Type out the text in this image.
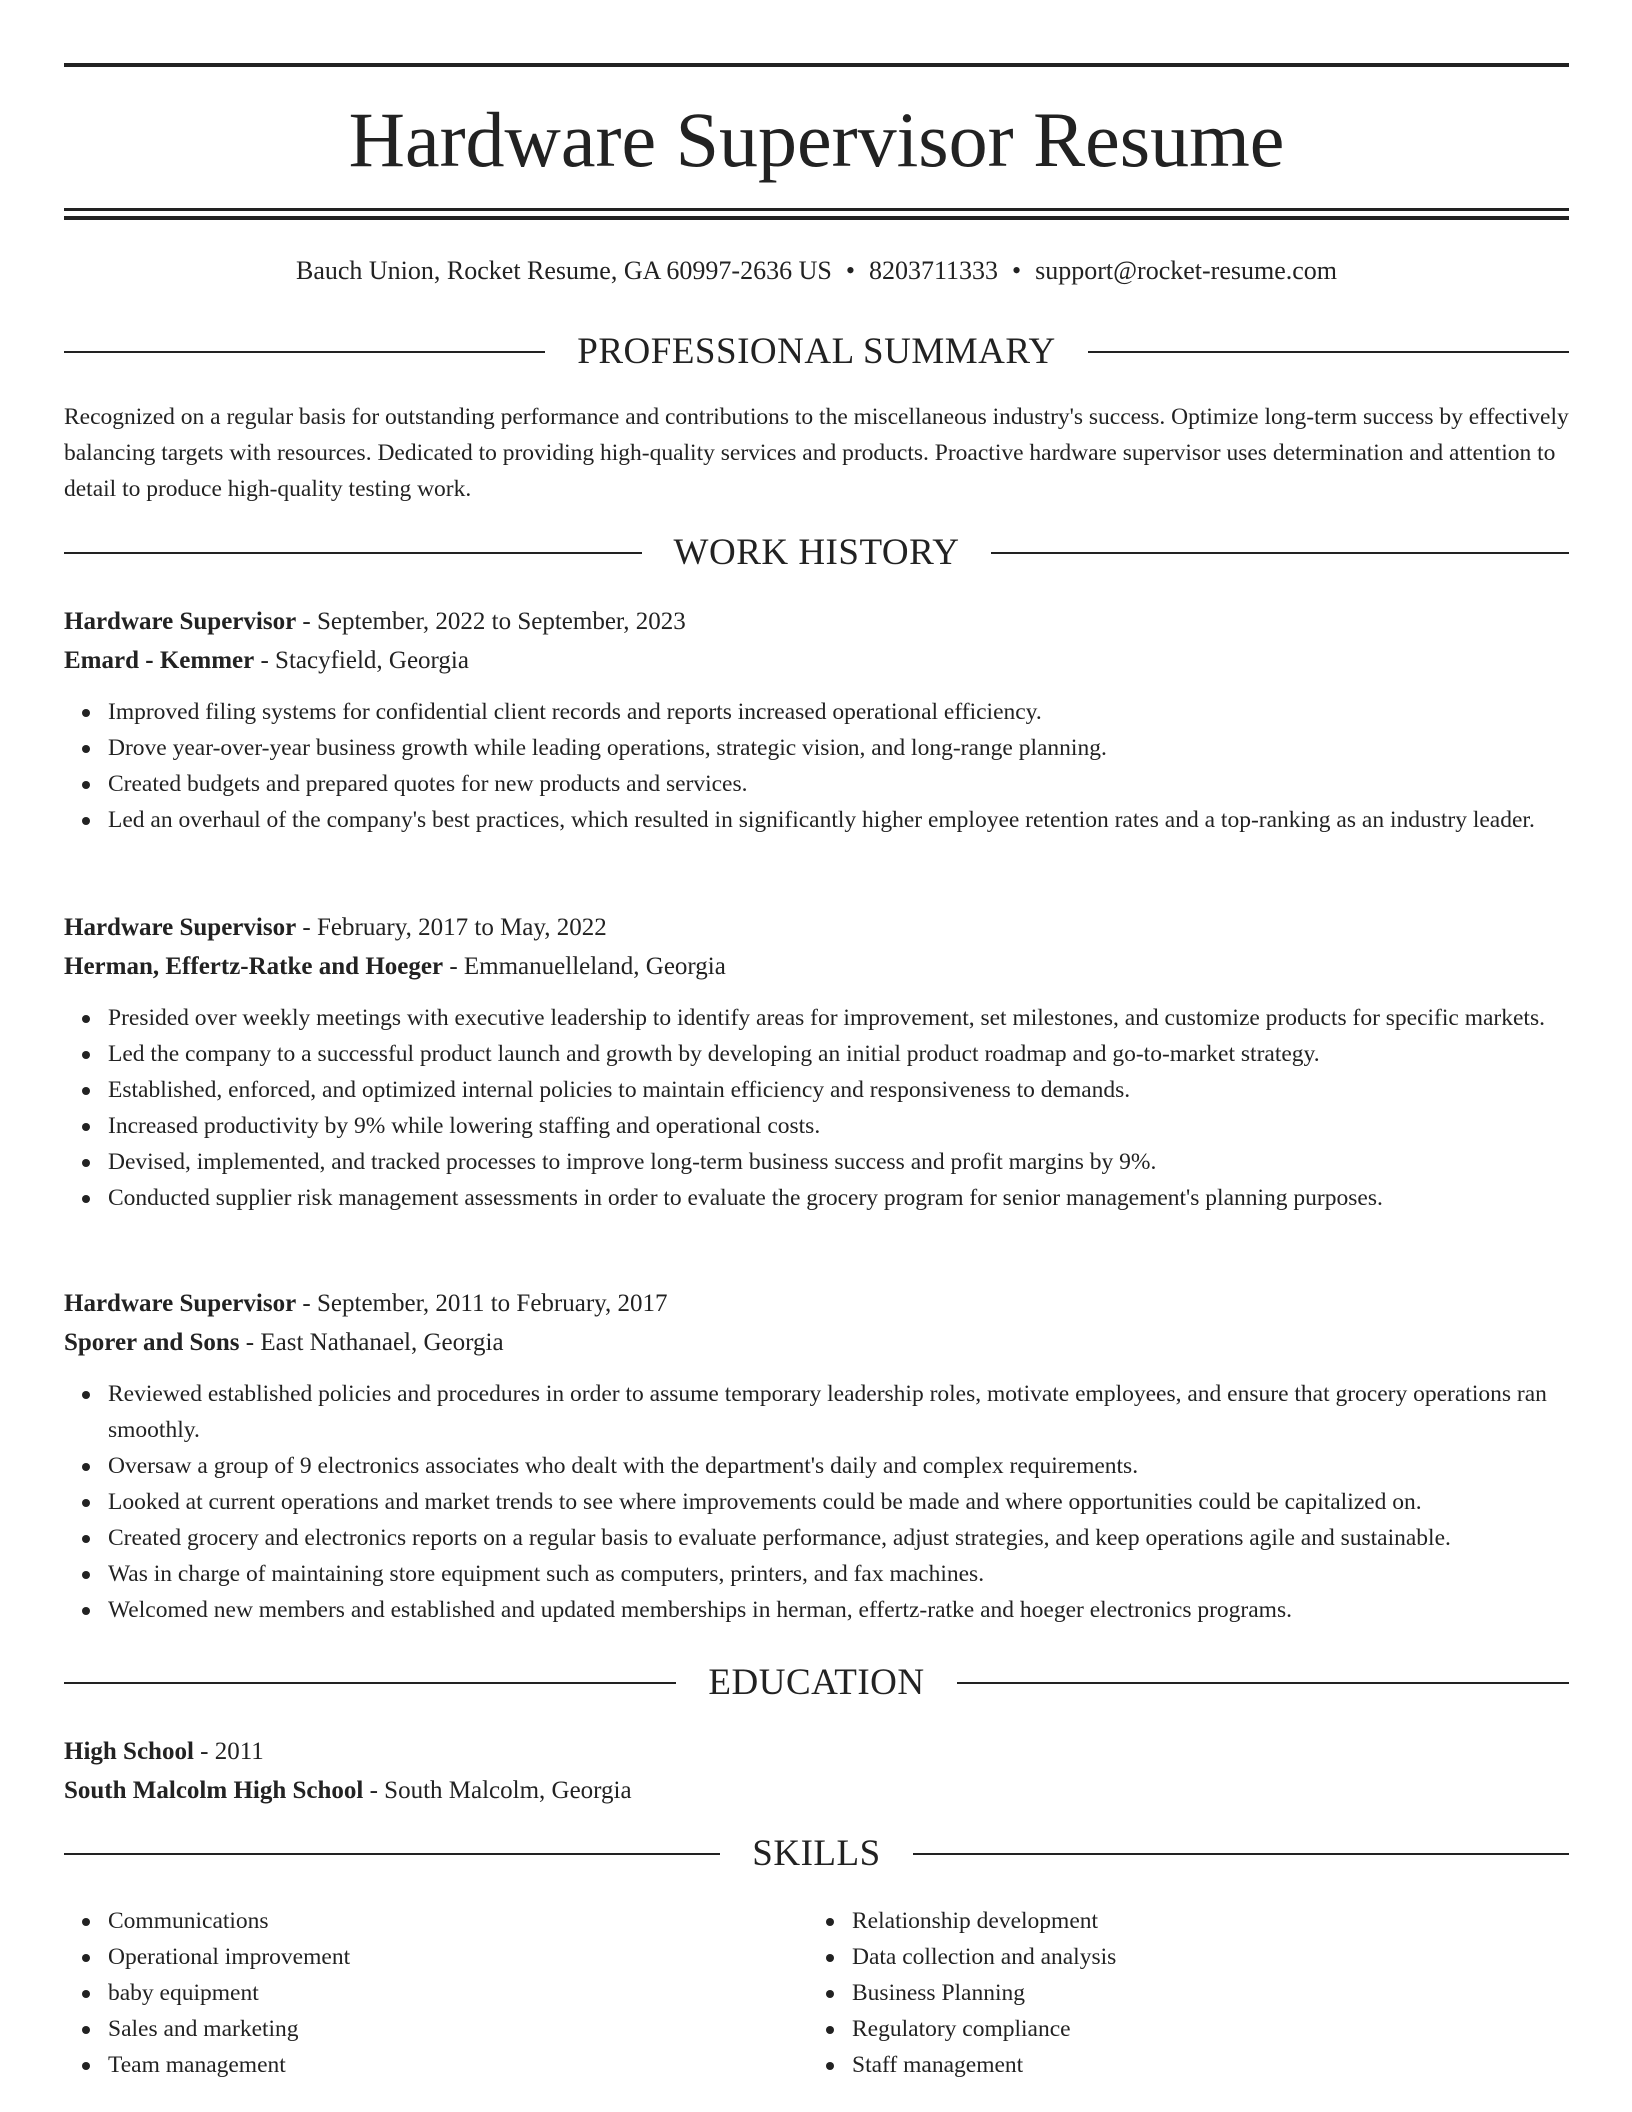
Hardware Supervisor Resume
Bauch Union, Rocket Resume, GA 60997-2636 US • 8203711333 • support@rocket-resume.com
PROFESSIONAL SUMMARY

Recognized on a regular basis for outstanding performance and contributions to the miscellaneous industry's success. Optimize long-term success by effectively balancing targets with resources. Dedicated to providing high-quality services and products. Proactive hardware supervisor uses determination and attention to detail to produce high-quality testing work.

WORK HISTORY
Hardware Supervisor - September, 2022 to September, 2023
Emard - Kemmer - Stacyfield, Georgia
Improved filing systems for confidential client records and reports increased operational efficiency.
Drove year-over-year business growth while leading operations, strategic vision, and long-range planning.
Created budgets and prepared quotes for new products and services.
Led an overhaul of the company's best practices, which resulted in significantly higher employee retention rates and a top-ranking as an industry leader.
Hardware Supervisor - February, 2017 to May, 2022
Herman, Effertz-Ratke and Hoeger - Emmanuelleland, Georgia
Presided over weekly meetings with executive leadership to identify areas for improvement, set milestones, and customize products for specific markets.
Led the company to a successful product launch and growth by developing an initial product roadmap and go-to-market strategy.
Established, enforced, and optimized internal policies to maintain efficiency and responsiveness to demands.
Increased productivity by 9% while lowering staffing and operational costs.
Devised, implemented, and tracked processes to improve long-term business success and profit margins by 9%.
Conducted supplier risk management assessments in order to evaluate the grocery program for senior management's planning purposes.
Hardware Supervisor - September, 2011 to February, 2017
Sporer and Sons - East Nathanael, Georgia
Reviewed established policies and procedures in order to assume temporary leadership roles, motivate employees, and ensure that grocery operations ran smoothly.
Oversaw a group of 9 electronics associates who dealt with the department's daily and complex requirements.
Looked at current operations and market trends to see where improvements could be made and where opportunities could be capitalized on.
Created grocery and electronics reports on a regular basis to evaluate performance, adjust strategies, and keep operations agile and sustainable.
Was in charge of maintaining store equipment such as computers, printers, and fax machines.
Welcomed new members and established and updated memberships in herman, effertz-ratke and hoeger electronics programs.
EDUCATION
High School - 2011
South Malcolm High School - South Malcolm, Georgia
SKILLS
Communications
Operational improvement
baby equipment
Sales and marketing
Team management
Relationship development
Data collection and analysis
Business Planning
Regulatory compliance
Staff management
